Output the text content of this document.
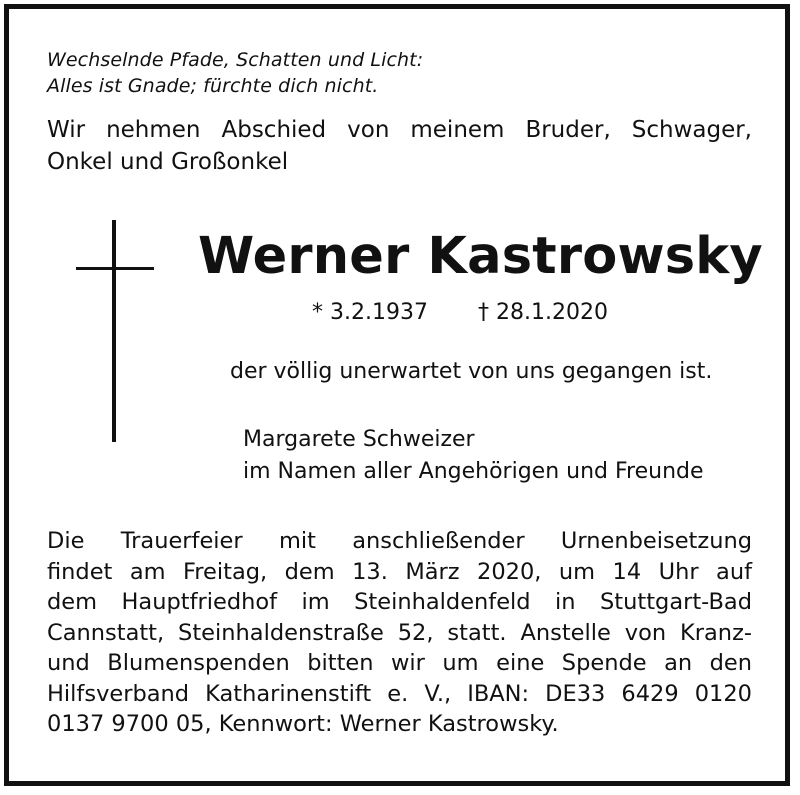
Wechselnde Pfade, Schatten und Licht:
Alles ist Gnade; fürchte dich nicht.
Wir nehmen Abschied von meinem Bruder, Schwager,
Onkel und Großonkel
Werner Kastrowsky
* 3.2.1937 † 28.1.2020
der völlig unerwartet von uns gegangen ist.
Margarete Schweizer
im Namen aller Angehörigen und Freunde
Die Trauerfeier mit anschließender Urnenbeisetzung
findet am Freitag, dem 13. März 2020, um 14 Uhr auf
dem Hauptfriedhof im Steinhaldenfeld in Stuttgart-Bad
Cannstatt, Steinhaldenstraße 52, statt. Anstelle von Kranz-
und Blumenspenden bitten wir um eine Spende an den
Hilfsverband Katharinenstift e. V., IBAN: DE33 6429 0120
0137 9700 05, Kennwort: Werner Kastrowsky.
